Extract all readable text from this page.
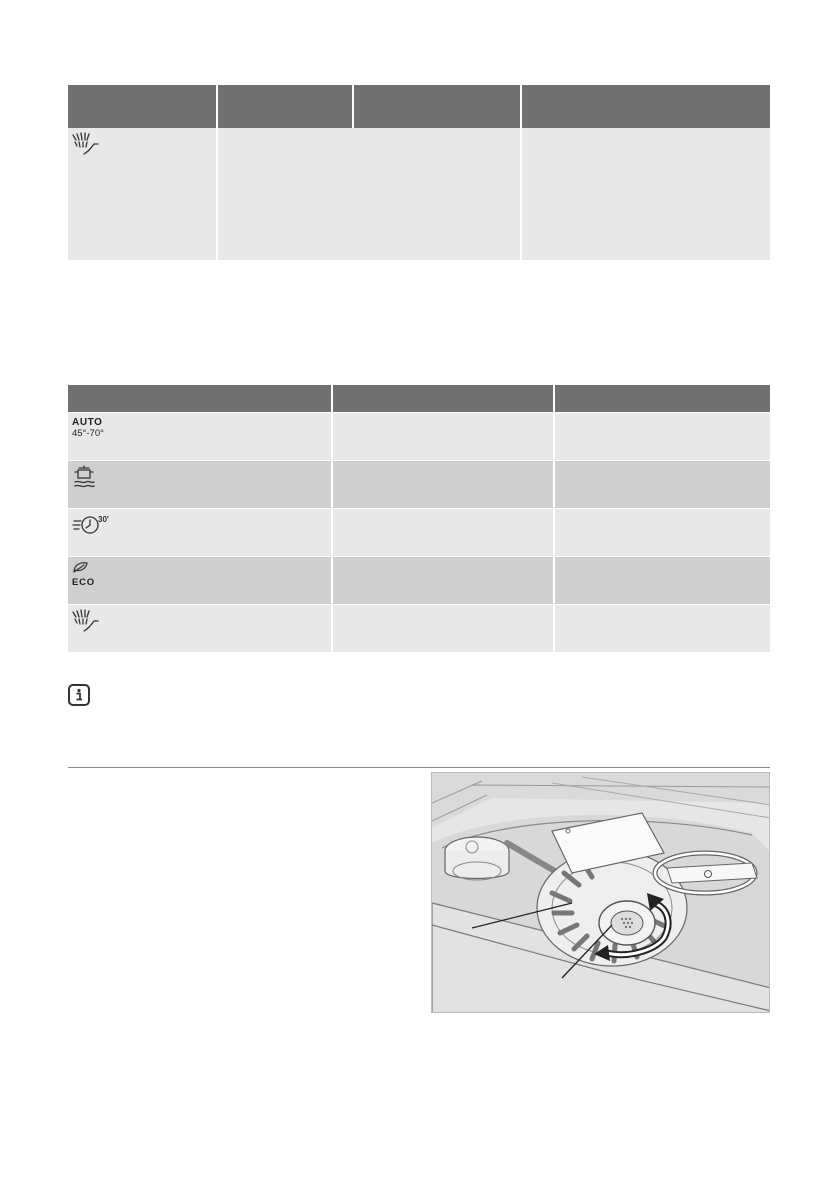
AUTO
45°-70°
30'
ECO
